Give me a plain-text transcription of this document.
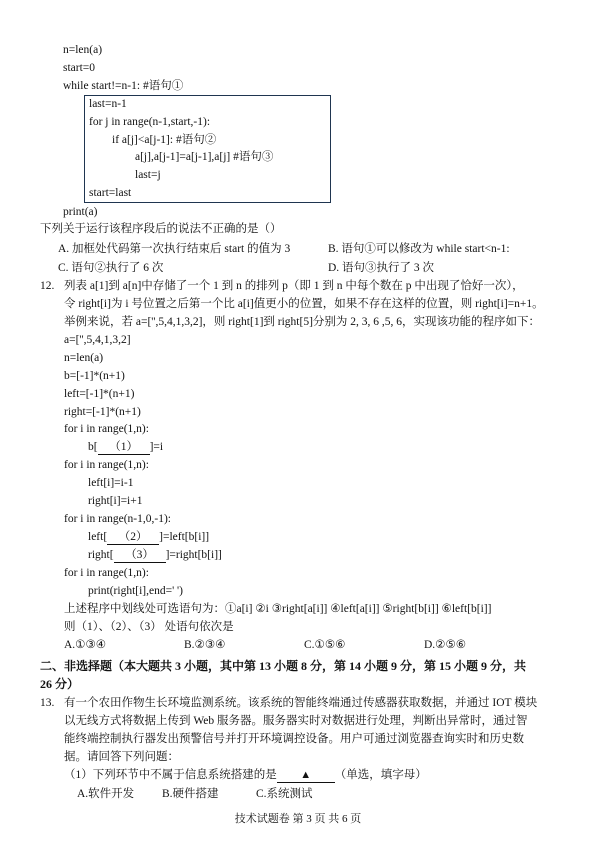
n=len(a)
start=0
while start!=n-1: #语句①
last=n-1
for j in range(n-1,start,-1):
if a[j]<a[j-1]: #语句②
a[j],a[j-1]=a[j-1],a[j] #语句③
last=j
start=last
print(a)
下列关于运行该程序段后的说法不正确的是（）
A. 加框处代码第一次执行结束后 start 的值为 3	B. 语句①可以修改为 while start<n-1:
C. 语句②执行了 6 次	D. 语句③执行了 3 次
12. 列表 a[1]到 a[n]中存储了一个 1 到 n 的排列 p（即 1 到 n 中每个数在 p 中出现了恰好一次），
令 right[i]为 i 号位置之后第一个比 a[i]值更小的位置，如果不存在这样的位置，则 right[i]=n+1。
举例来说，若 a=['',5,4,1,3,2]，则 right[1]到 right[5]分别为 2, 3, 6 ,5, 6，实现该功能的程序如下：
a=['',5,4,1,3,2]
n=len(a)
b=[-1]*(n+1)
left=[-1]*(n+1)
right=[-1]*(n+1)
for i in range(1,n):
b[ （1） ]=i
for i in range(1,n):
left[i]=i-1
right[i]=i+1
for i in range(n-1,0,-1):
left[ （2） ]=left[b[i]]
right[ （3） ]=right[b[i]]
for i in range(1,n):
print(right[i],end=' ')
上述程序中划线处可选语句为：①a[i] ②i ③right[a[i]] ④left[a[i]] ⑤right[b[i]] ⑥left[b[i]]
则（1）、（2）、（3） 处语句依次是
A.①③④	B.②③④	C.①⑤⑥	D.②⑤⑥
二、非选择题（本大题共 3 小题，其中第 13 小题 8 分，第 14 小题 9 分，第 15 小题 9 分，共
26 分）
13. 有一个农田作物生长环境监测系统。该系统的智能终端通过传感器获取数据，并通过 IOT 模块
以无线方式将数据上传到 Web 服务器。服务器实时对数据进行处理，判断出异常时，通过智
能终端控制执行器发出预警信号并打开环境调控设备。用户可通过浏览器查询实时和历史数
据。请回答下列问题：
（1）下列环节中不属于信息系统搭建的是 ▲ （单选，填字母）
A.软件开发 B.硬件搭建	C.系统测试
技术试题卷 第 3 页 共 6 页
